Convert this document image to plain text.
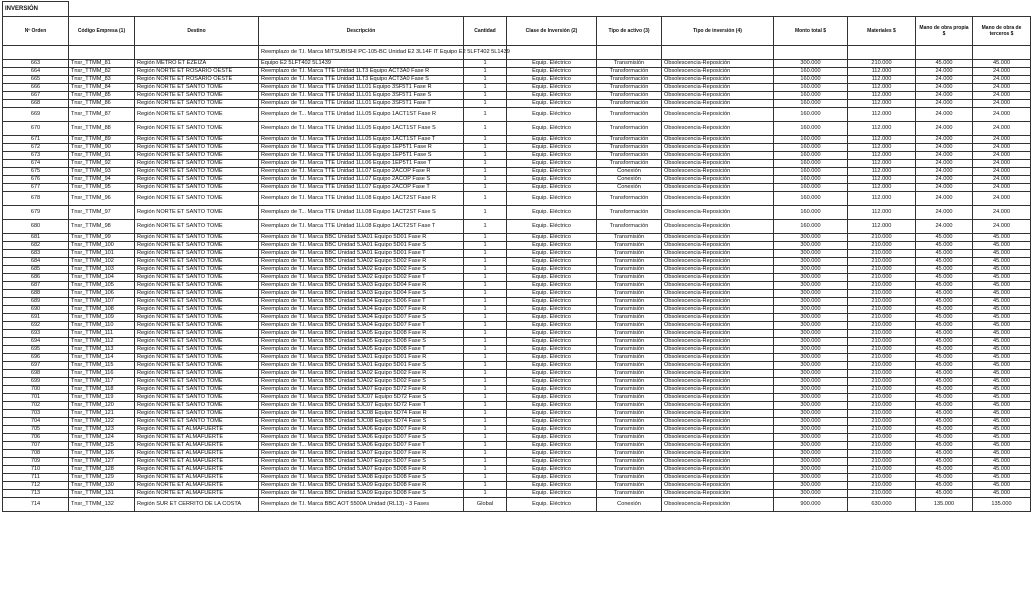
INVERSIÓN											
Nº Orden	Código Empresa (1)	Destino	Descripción	Cantidad	Clase de Inversión (2)	Tipo de activo (3)	Tipo de inversión (4)	Monto total $	Materiales $	Mano de obra propia $	Mano de obra de terceros $
			Reemplazo de T.I. Marca MITSUBISHI PC-105-BC Unidad E2 3L14F IT Equipo E2 5LFT402 5L1439								
663	Tnsr_TTMM_81	Región METRO ET EZEIZA	Equipo E2 5LFT402 5L1439	1	Equip. Eléctrico	Transmisión	Obsolescencia-Reposición	300.000	210.000	45.000	45.000
664	Tnsr_TTMM_82	Región NORTE ET ROSARIO OESTE	Reemplazo de T.I. Marca TTE Unidad 1LT3 Equipo ACT3A0 Fase R	1	Equip. Eléctrico	Transformación	Obsolescencia-Reposición	160.000	112.000	24.000	24.000
665	Tnsr_TTMM_83	Región NORTE ET ROSARIO OESTE	Reemplazo de T.I. Marca TTE Unidad 1LT3 Equipo ACT3A0 Fase S	1	Equip. Eléctrico	Transformación	Obsolescencia-Reposición	160.000	112.000	24.000	24.000
666	Tnsr_TTMM_84	Región NORTE ET SANTO TOME	Reemplazo de T.I. Marca TTE Unidad 1LL01 Equipo 3SF5T1 Fase R	1	Equip. Eléctrico	Transformación	Obsolescencia-Reposición	160.000	112.000	24.000	24.000
667	Tnsr_TTMM_85	Región NORTE ET SANTO TOME	Reemplazo de T.I. Marca TTE Unidad 1LL01 Equipo 3SF5T1 Fase S	1	Equip. Eléctrico	Transformación	Obsolescencia-Reposición	160.000	112.000	24.000	24.000
668	Tnsr_TTMM_86	Región NORTE ET SANTO TOME	Reemplazo de T.I. Marca TTE Unidad 1LL01 Equipo 3SF5T1 Fase T	1	Equip. Eléctrico	Transformación	Obsolescencia-Reposición	160.000	112.000	24.000	24.000
669	Tnsr_TTMM_87	Región NORTE ET SANTO TOME	Reemplazo de T... Marca TTE Unidad 1LL05 Equipo 1ACT1ST Fase R	1	Equip. Eléctrico	Transformación	Obsolescencia-Reposición	160.000	112.000	24.000	24.000
670	Tnsr_TTMM_88	Región NORTE ET SANTO TOME	Reemplazo de T.I. Marca TTE Unidad 1LL05 Equipo 1ACT1ST Fase S	1	Equip. Eléctrico	Transformación	Obsolescencia-Reposición	160.000	112.000	24.000	24.000
671	Tnsr_TTMM_89	Región NORTE ET SANTO TOME	Reemplazo de T.I. Marca TTE Unidad 1LL05 Equipo 1ACT1ST Fase T	1	Equip. Eléctrico	Transformación	Obsolescencia-Reposición	160.000	112.000	24.000	24.000
672	Tnsr_TTMM_90	Región NORTE ET SANTO TOME	Reemplazo de T.I. Marca TTE Unidad 1LL06 Equipo 1EP5T1 Fase R	1	Equip. Eléctrico	Transformación	Obsolescencia-Reposición	160.000	112.000	24.000	24.000
673	Tnsr_TTMM_91	Región NORTE ET SANTO TOME	Reemplazo de T.I. Marca TTE Unidad 1LL06 Equipo 1EP5T1 Fase S	1	Equip. Eléctrico	Transformación	Obsolescencia-Reposición	160.000	112.000	24.000	24.000
674	Tnsr_TTMM_92	Región NORTE ET SANTO TOME	Reemplazo de T.I. Marca TTE Unidad 1LL06 Equipo 1EP5T1 Fase T	1	Equip. Eléctrico	Transformación	Obsolescencia-Reposición	160.000	112.000	24.000	24.000
675	Tnsr_TTMM_93	Región NORTE ET SANTO TOME	Reemplazo de T.I. Marca TTE Unidad 1LL07 Equipo 2ACOP Fase R	1	Equip. Eléctrico	Conexión	Obsolescencia-Reposición	160.000	112.000	24.000	24.000
676	Tnsr_TTMM_94	Región NORTE ET SANTO TOME	Reemplazo de T.I. Marca TTE Unidad 1LL07 Equipo 2ACOP Fase S	1	Equip. Eléctrico	Conexión	Obsolescencia-Reposición	160.000	112.000	24.000	24.000
677	Tnsr_TTMM_95	Región NORTE ET SANTO TOME	Reemplazo de T.I. Marca TTE Unidad 1LL07 Equipo 2ACOP Fase T	1	Equip. Eléctrico	Conexión	Obsolescencia-Reposición	160.000	112.000	24.000	24.000
678	Tnsr_TTMM_96	Región NORTE ET SANTO TOME	Reemplazo de T.I. Marca TTE Unidad 1LL08 Equipo 1ACT2ST Fase R	1	Equip. Eléctrico	Transformación	Obsolescencia-Reposición	160.000	112.000	24.000	24.000
679	Tnsr_TTMM_97	Región NORTE ET SANTO TOME	Reemplazo de T... Marca TTE Unidad 1LL08 Equipo 1ACT2ST Fase S	1	Equip. Eléctrico	Transformación	Obsolescencia-Reposición	160.000	112.000	24.000	24.000
680	Tnsr_TTMM_98	Región NORTE ET SANTO TOME	Reemplazo de T.I. Marca TTE Unidad 1LL08 Equipo 1ACT2ST Fase T	1	Equip. Eléctrico	Transformación	Obsolescencia-Reposición	160.000	112.000	24.000	24.000
681	Tnsr_TTMM_99	Región NORTE ET SANTO TOME	Reemplazo de T.I. Marca BBC Unidad 5JA01 Equipo 5D01 Fase R	1	Equip. Eléctrico	Transmisión	Obsolescencia-Reposición	300.000	210.000	45.000	45.000
682	Tnsr_TTMM_100	Región NORTE ET SANTO TOME	Reemplazo de T.I. Marca BBC Unidad 5JA01 Equipo 5D01 Fase S	1	Equip. Eléctrico	Transmisión	Obsolescencia-Reposición	300.000	210.000	45.000	45.000
683	Tnsr_TTMM_101	Región NORTE ET SANTO TOME	Reemplazo de T.I. Marca BBC Unidad 5JA01 Equipo 5D01 Fase T	1	Equip. Eléctrico	Transmisión	Obsolescencia-Reposición	300.000	210.000	45.000	45.000
684	Tnsr_TTMM_102	Región NORTE ET SANTO TOME	Reemplazo de T.I. Marca BBC Unidad 5JA02 Equipo 5D02 Fase R	1	Equip. Eléctrico	Transmisión	Obsolescencia-Reposición	300.000	210.000	45.000	45.000
685	Tnsr_TTMM_103	Región NORTE ET SANTO TOME	Reemplazo de T.I. Marca BBC Unidad 5JA02 Equipo 5D02 Fase S	1	Equip. Eléctrico	Transmisión	Obsolescencia-Reposición	300.000	210.000	45.000	45.000
686	Tnsr_TTMM_104	Región NORTE ET SANTO TOME	Reemplazo de T.I. Marca BBC Unidad 5JA02 Equipo 5D02 Fase T	1	Equip. Eléctrico	Transmisión	Obsolescencia-Reposición	300.000	210.000	45.000	45.000
687	Tnsr_TTMM_105	Región NORTE ET SANTO TOME	Reemplazo de T.I. Marca BBC Unidad 5JA03 Equipo 5D04 Fase R	1	Equip. Eléctrico	Transmisión	Obsolescencia-Reposición	300.000	210.000	45.000	45.000
688	Tnsr_TTMM_106	Región NORTE ET SANTO TOME	Reemplazo de T.I. Marca BBC Unidad 5JA03 Equipo 5D04 Fase S	1	Equip. Eléctrico	Transmisión	Obsolescencia-Reposición	300.000	210.000	45.000	45.000
689	Tnsr_TTMM_107	Región NORTE ET SANTO TOME	Reemplazo de T.I. Marca BBC Unidad 5JA04 Equipo 5D06 Fase T	1	Equip. Eléctrico	Transmisión	Obsolescencia-Reposición	300.000	210.000	45.000	45.000
690	Tnsr_TTMM_108	Región NORTE ET SANTO TOME	Reemplazo de T.I. Marca BBC Unidad 5JA04 Equipo 5D07 Fase R	1	Equip. Eléctrico	Transmisión	Obsolescencia-Reposición	300.000	210.000	45.000	45.000
691	Tnsr_TTMM_109	Región NORTE ET SANTO TOME	Reemplazo de T.I. Marca BBC Unidad 5JA04 Equipo 5D07 Fase S	1	Equip. Eléctrico	Transmisión	Obsolescencia-Reposición	300.000	210.000	45.000	45.000
692	Tnsr_TTMM_110	Región NORTE ET SANTO TOME	Reemplazo de T.I. Marca BBC Unidad 5JA04 Equipo 5D07 Fase T	1	Equip. Eléctrico	Transmisión	Obsolescencia-Reposición	300.000	210.000	45.000	45.000
693	Tnsr_TTMM_111	Región NORTE ET SANTO TOME	Reemplazo de T.I. Marca BBC Unidad 5JA05 Equipo 5D08 Fase R	1	Equip. Eléctrico	Transmisión	Obsolescencia-Reposición	300.000	210.000	45.000	45.000
694	Tnsr_TTMM_112	Región NORTE ET SANTO TOME	Reemplazo de T.I. Marca BBC Unidad 5JA05 Equipo 5D08 Fase S	1	Equip. Eléctrico	Transmisión	Obsolescencia-Reposición	300.000	210.000	45.000	45.000
695	Tnsr_TTMM_113	Región NORTE ET SANTO TOME	Reemplazo de T.I. Marca BBC Unidad 5JA05 Equipo 5D08 Fase T	1	Equip. Eléctrico	Transmisión	Obsolescencia-Reposición	300.000	210.000	45.000	45.000
696	Tnsr_TTMM_114	Región NORTE ET SANTO TOME	Reemplazo de T.I. Marca BBC Unidad 5JA01 Equipo 5D01 Fase R	1	Equip. Eléctrico	Transmisión	Obsolescencia-Reposición	300.000	210.000	45.000	45.000
697	Tnsr_TTMM_115	Región NORTE ET SANTO TOME	Reemplazo de T.I. Marca BBC Unidad 5JA01 Equipo 5D01 Fase S	1	Equip. Eléctrico	Transmisión	Obsolescencia-Reposición	300.000	210.000	45.000	45.000
698	Tnsr_TTMM_116	Región NORTE ET SANTO TOME	Reemplazo de T.I. Marca BBC Unidad 5JA02 Equipo 5D02 Fase R	1	Equip. Eléctrico	Transmisión	Obsolescencia-Reposición	300.000	210.000	45.000	45.000
699	Tnsr_TTMM_117	Región NORTE ET SANTO TOME	Reemplazo de T.I. Marca BBC Unidad 5JA02 Equipo 5D02 Fase S	1	Equip. Eléctrico	Transmisión	Obsolescencia-Reposición	300.000	210.000	45.000	45.000
700	Tnsr_TTMM_118	Región NORTE ET SANTO TOME	Reemplazo de T.I. Marca BBC Unidad 5JA07 Equipo 5D72 Fase R	1	Equip. Eléctrico	Transmisión	Obsolescencia-Reposición	300.000	210.000	45.000	45.000
701	Tnsr_TTMM_119	Región NORTE ET SANTO TOME	Reemplazo de T.I. Marca BBC Unidad 5JC07 Equipo 5D72 Fase S	1	Equip. Eléctrico	Transmisión	Obsolescencia-Reposición	300.000	210.000	45.000	45.000
702	Tnsr_TTMM_120	Región NORTE ET SANTO TOME	Reemplazo de T.I. Marca BBC Unidad 5JC07 Equipo 5D72 Fase T	1	Equip. Eléctrico	Transmisión	Obsolescencia-Reposición	300.000	210.000	45.000	45.000
703	Tnsr_TTMM_121	Región NORTE ET SANTO TOME	Reemplazo de T.I. Marca BBC Unidad 5JC08 Equipo 5D74 Fase R	1	Equip. Eléctrico	Transmisión	Obsolescencia-Reposición	300.000	210.000	45.000	45.000
704	Tnsr_TTMM_122	Región NORTE ET SANTO TOME	Reemplazo de T.I. Marca BBC Unidad 5JC08 Equipo 5D74 Fase S	1	Equip. Eléctrico	Transmisión	Obsolescencia-Reposición	300.000	210.000	45.000	45.000
705	Tnsr_TTMM_123	Región NORTE ET ALMAFUERTE	Reemplazo de T.I. Marca BBC Unidad 5JA06 Equipo 5D07 Fase R	1	Equip. Eléctrico	Transmisión	Obsolescencia-Reposición	300.000	210.000	45.000	45.000
706	Tnsr_TTMM_124	Región NORTE ET ALMAFUERTE	Reemplazo de T.I. Marca BBC Unidad 5JA06 Equipo 5D07 Fase S	1	Equip. Eléctrico	Transmisión	Obsolescencia-Reposición	300.000	210.000	45.000	45.000
707	Tnsr_TTMM_125	Región NORTE ET ALMAFUERTE	Reemplazo de T... Marca BBC Unidad 5JA06 Equipo 5D07 Fase T	1	Equip. Eléctrico	Transmisión	Obsolescencia-Reposición	300.000	210.000	45.000	45.000
708	Tnsr_TTMM_126	Región NORTE ET ALMAFUERTE	Reemplazo de T.I. Marca BBC Unidad 5JA07 Equipo 5D07 Fase R	1	Equip. Eléctrico	Transmisión	Obsolescencia-Reposición	300.000	210.000	45.000	45.000
709	Tnsr_TTMM_127	Región NORTE ET ALMAFUERTE	Reemplazo de T.I. Marca BBC Unidad 5JA07 Equipo 5D07 Fase S	1	Equip. Eléctrico	Transmisión	Obsolescencia-Reposición	300.000	210.000	45.000	45.000
710	Tnsr_TTMM_128	Región NORTE ET ALMAFUERTE	Reemplazo de T.I. Marca BBC Unidad 5JA07 Equipo 5D08 Fase R	1	Equip. Eléctrico	Transmisión	Obsolescencia-Reposición	300.000	210.000	45.000	45.000
711	Tnsr_TTMM_129	Región NORTE ET ALMAFUERTE	Reemplazo de T.I. Marca BBC Unidad 5JA08 Equipo 5D08 Fase S	1	Equip. Eléctrico	Transmisión	Obsolescencia-Reposición	300.000	210.000	45.000	45.000
712	Tnsr_TTMM_130	Región NORTE ET ALMAFUERTE	Reemplazo de T.I. Marca BBC Unidad 5JA09 Equipo 5D08 Fase R	1	Equip. Eléctrico	Transmisión	Obsolescencia-Reposición	300.000	210.000	45.000	45.000
713	Tnsr_TTMM_131	Región NORTE ET ALMAFUERTE	Reemplazo de T.I. Marca BBC Unidad 5JA09 Equipo 5D08 Fase S	1	Equip. Eléctrico	Transmisión	Obsolescencia-Reposición	300.000	210.000	45.000	45.000
714	Tnsr_TTMM_132	Región SUR ET CERRITO DE LA COSTA	Reemplazo de T.I. Marca BBC AOT 5500A Unidad (RL13) - 3 Fases	Global	Equip. Eléctrico	Conexión	Obsolescencia-Reposición	900.000	630.000	135.000	135.000
